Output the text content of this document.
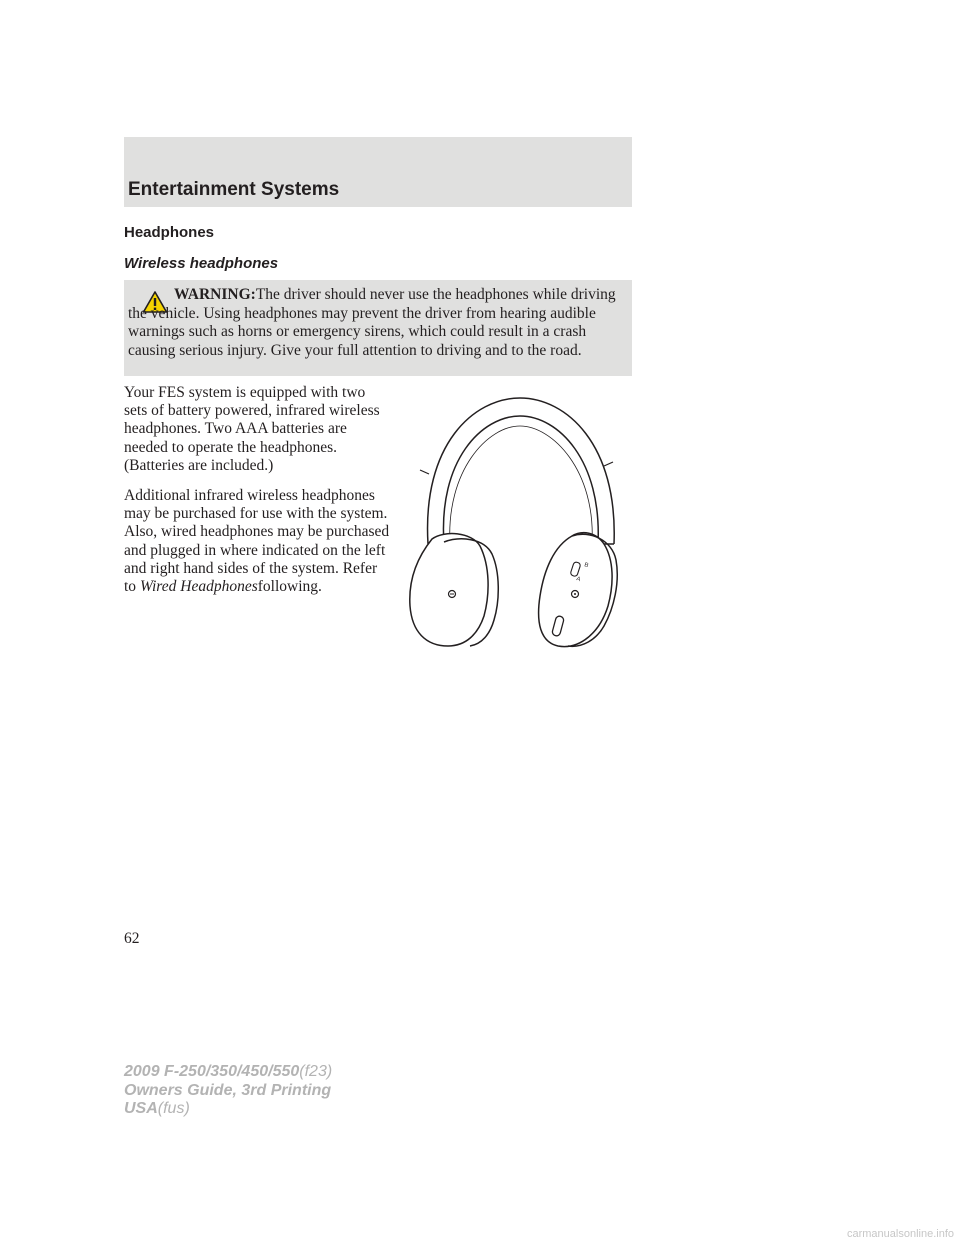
Entertainment Systems
Headphones
Wireless headphones

WARNING:The driver should never use the headphones while driving the vehicle. Using headphones may prevent the driver from hearing audible warnings such as horns or emergency sirens, which could result in a crash causing serious injury. Give your full attention to driving and to the road.

Your FES system is equipped with two sets of battery powered, infrared wireless headphones. Two AAA batteries are needed to operate the headphones. (Batteries are included.)

Additional infrared wireless headphones may be purchased for use with the system. Also, wired headphones may be purchased and plugged in where indicated on the left and right hand sides of the system. Refer to Wired Headphonesfollowing.

B
A
62
2009 F-250/350/450/550(f23)
Owners Guide, 3rd Printing
USA(fus)
carmanualsonline.info
